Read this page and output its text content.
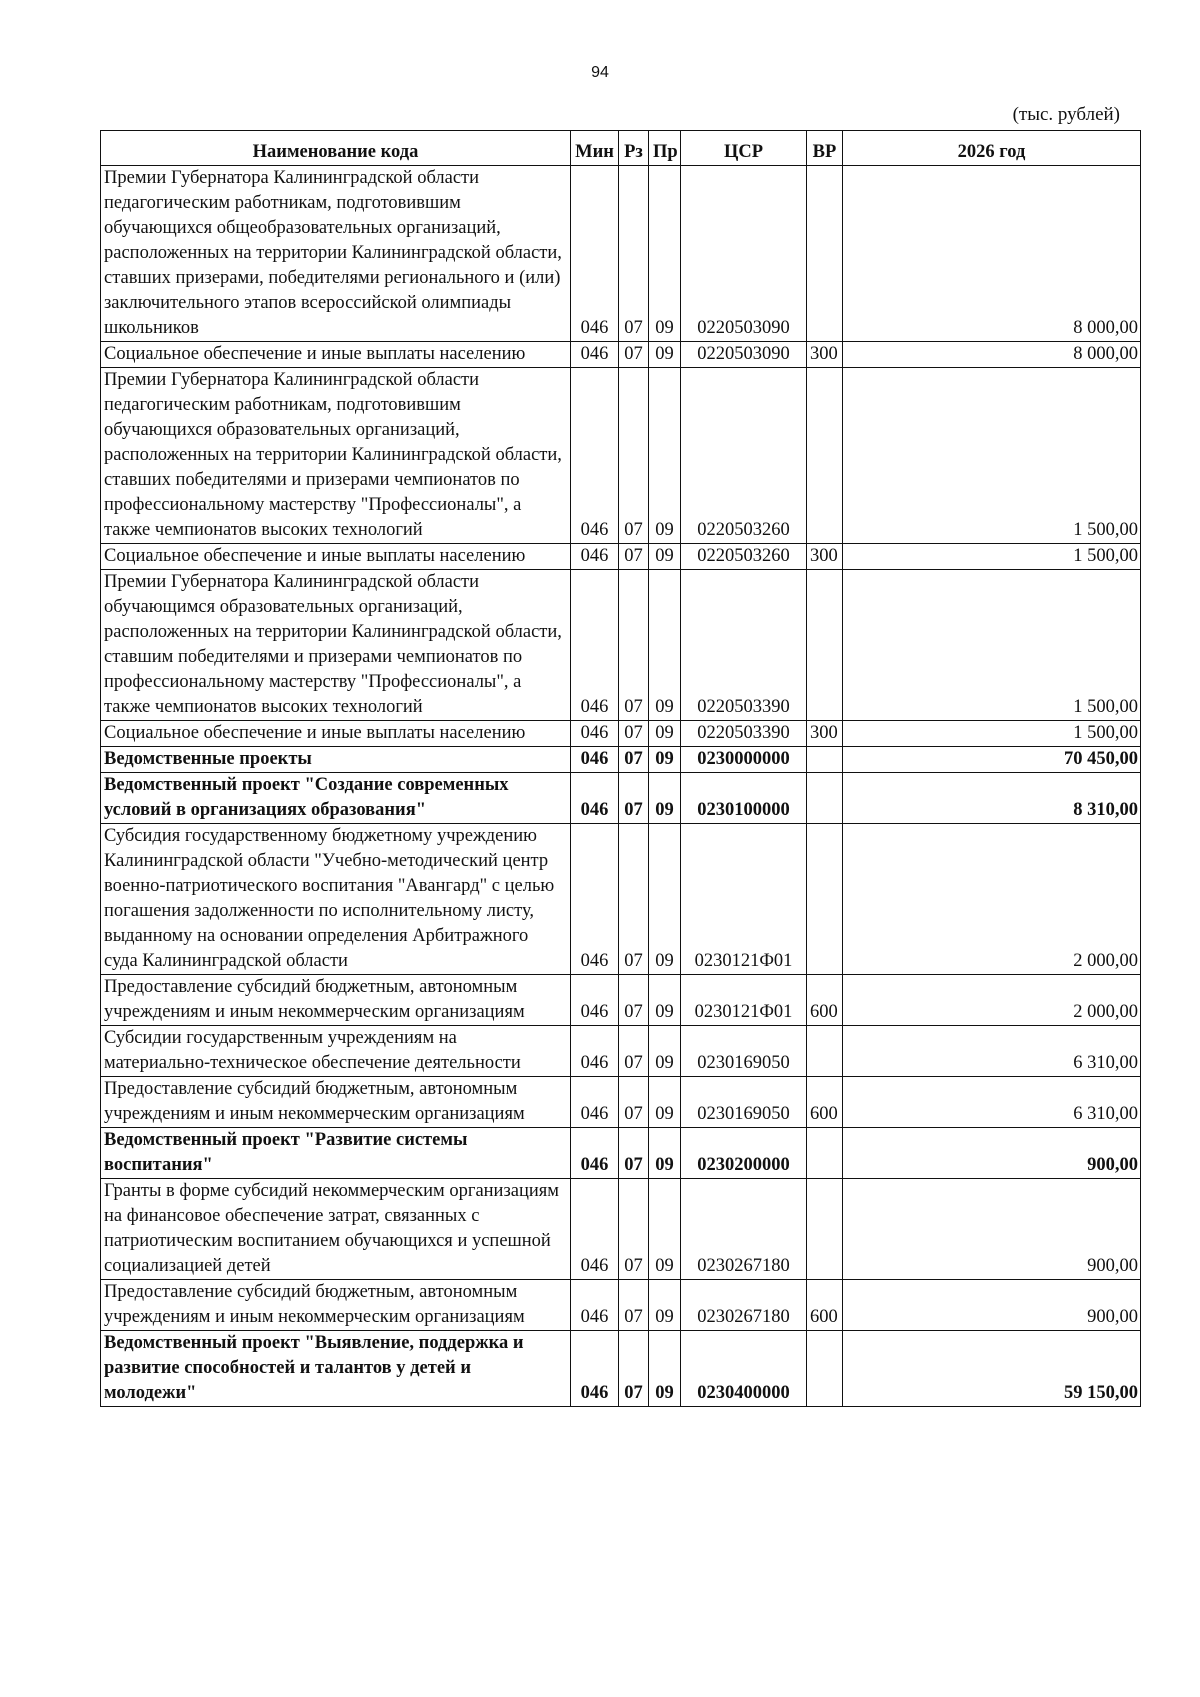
94
(тыс. рублей)
Наименование кода	Мин	Рз	Пр	ЦСР	ВР	2026 год
Премии Губернатора Калининградской области педагогическим работникам, подготовившим обучающихся общеобразовательных организаций, расположенных на территории Калининградской области, ставших призерами, победителями регионального и (или) заключительного этапов всероссийской олимпиады школьников	046	07	09	0220503090		8 000,00
Социальное обеспечение и иные выплаты населению	046	07	09	0220503090	300	8 000,00
Премии Губернатора Калининградской области педагогическим работникам, подготовившим обучающихся образовательных организаций, расположенных на территории Калининградской области, ставших победителями и призерами чемпионатов по профессиональному мастерству "Профессионалы", а также чемпионатов высоких технологий	046	07	09	0220503260		1 500,00
Социальное обеспечение и иные выплаты населению	046	07	09	0220503260	300	1 500,00
Премии Губернатора Калининградской области обучающимся образовательных организаций, расположенных на территории Калининградской области, ставшим победителями и призерами чемпионатов по профессиональному мастерству "Профессионалы", а также чемпионатов высоких технологий	046	07	09	0220503390		1 500,00
Социальное обеспечение и иные выплаты населению	046	07	09	0220503390	300	1 500,00
Ведомственные проекты	046	07	09	0230000000		70 450,00
Ведомственный проект "Создание современных условий в организациях образования"	046	07	09	0230100000		8 310,00
Субсидия государственному бюджетному учреждению Калининградской области "Учебно-методический центр военно-патриотического воспитания "Авангард" с целью погашения задолженности по исполнительному листу, выданному на основании определения Арбитражного суда Калининградской области	046	07	09	0230121Ф01		2 000,00
Предоставление субсидий бюджетным, автономным учреждениям и иным некоммерческим организациям	046	07	09	0230121Ф01	600	2 000,00
Субсидии государственным учреждениям на материально-техническое обеспечение деятельности	046	07	09	0230169050		6 310,00
Предоставление субсидий бюджетным, автономным учреждениям и иным некоммерческим организациям	046	07	09	0230169050	600	6 310,00
Ведомственный проект "Развитие системы воспитания"	046	07	09	0230200000		900,00
Гранты в форме субсидий некоммерческим организациям на финансовое обеспечение затрат, связанных с патриотическим воспитанием обучающихся и успешной социализацией детей	046	07	09	0230267180		900,00
Предоставление субсидий бюджетным, автономным учреждениям и иным некоммерческим организациям	046	07	09	0230267180	600	900,00
Ведомственный проект "Выявление, поддержка и развитие способностей и талантов у детей и молодежи"	046	07	09	0230400000		59 150,00
